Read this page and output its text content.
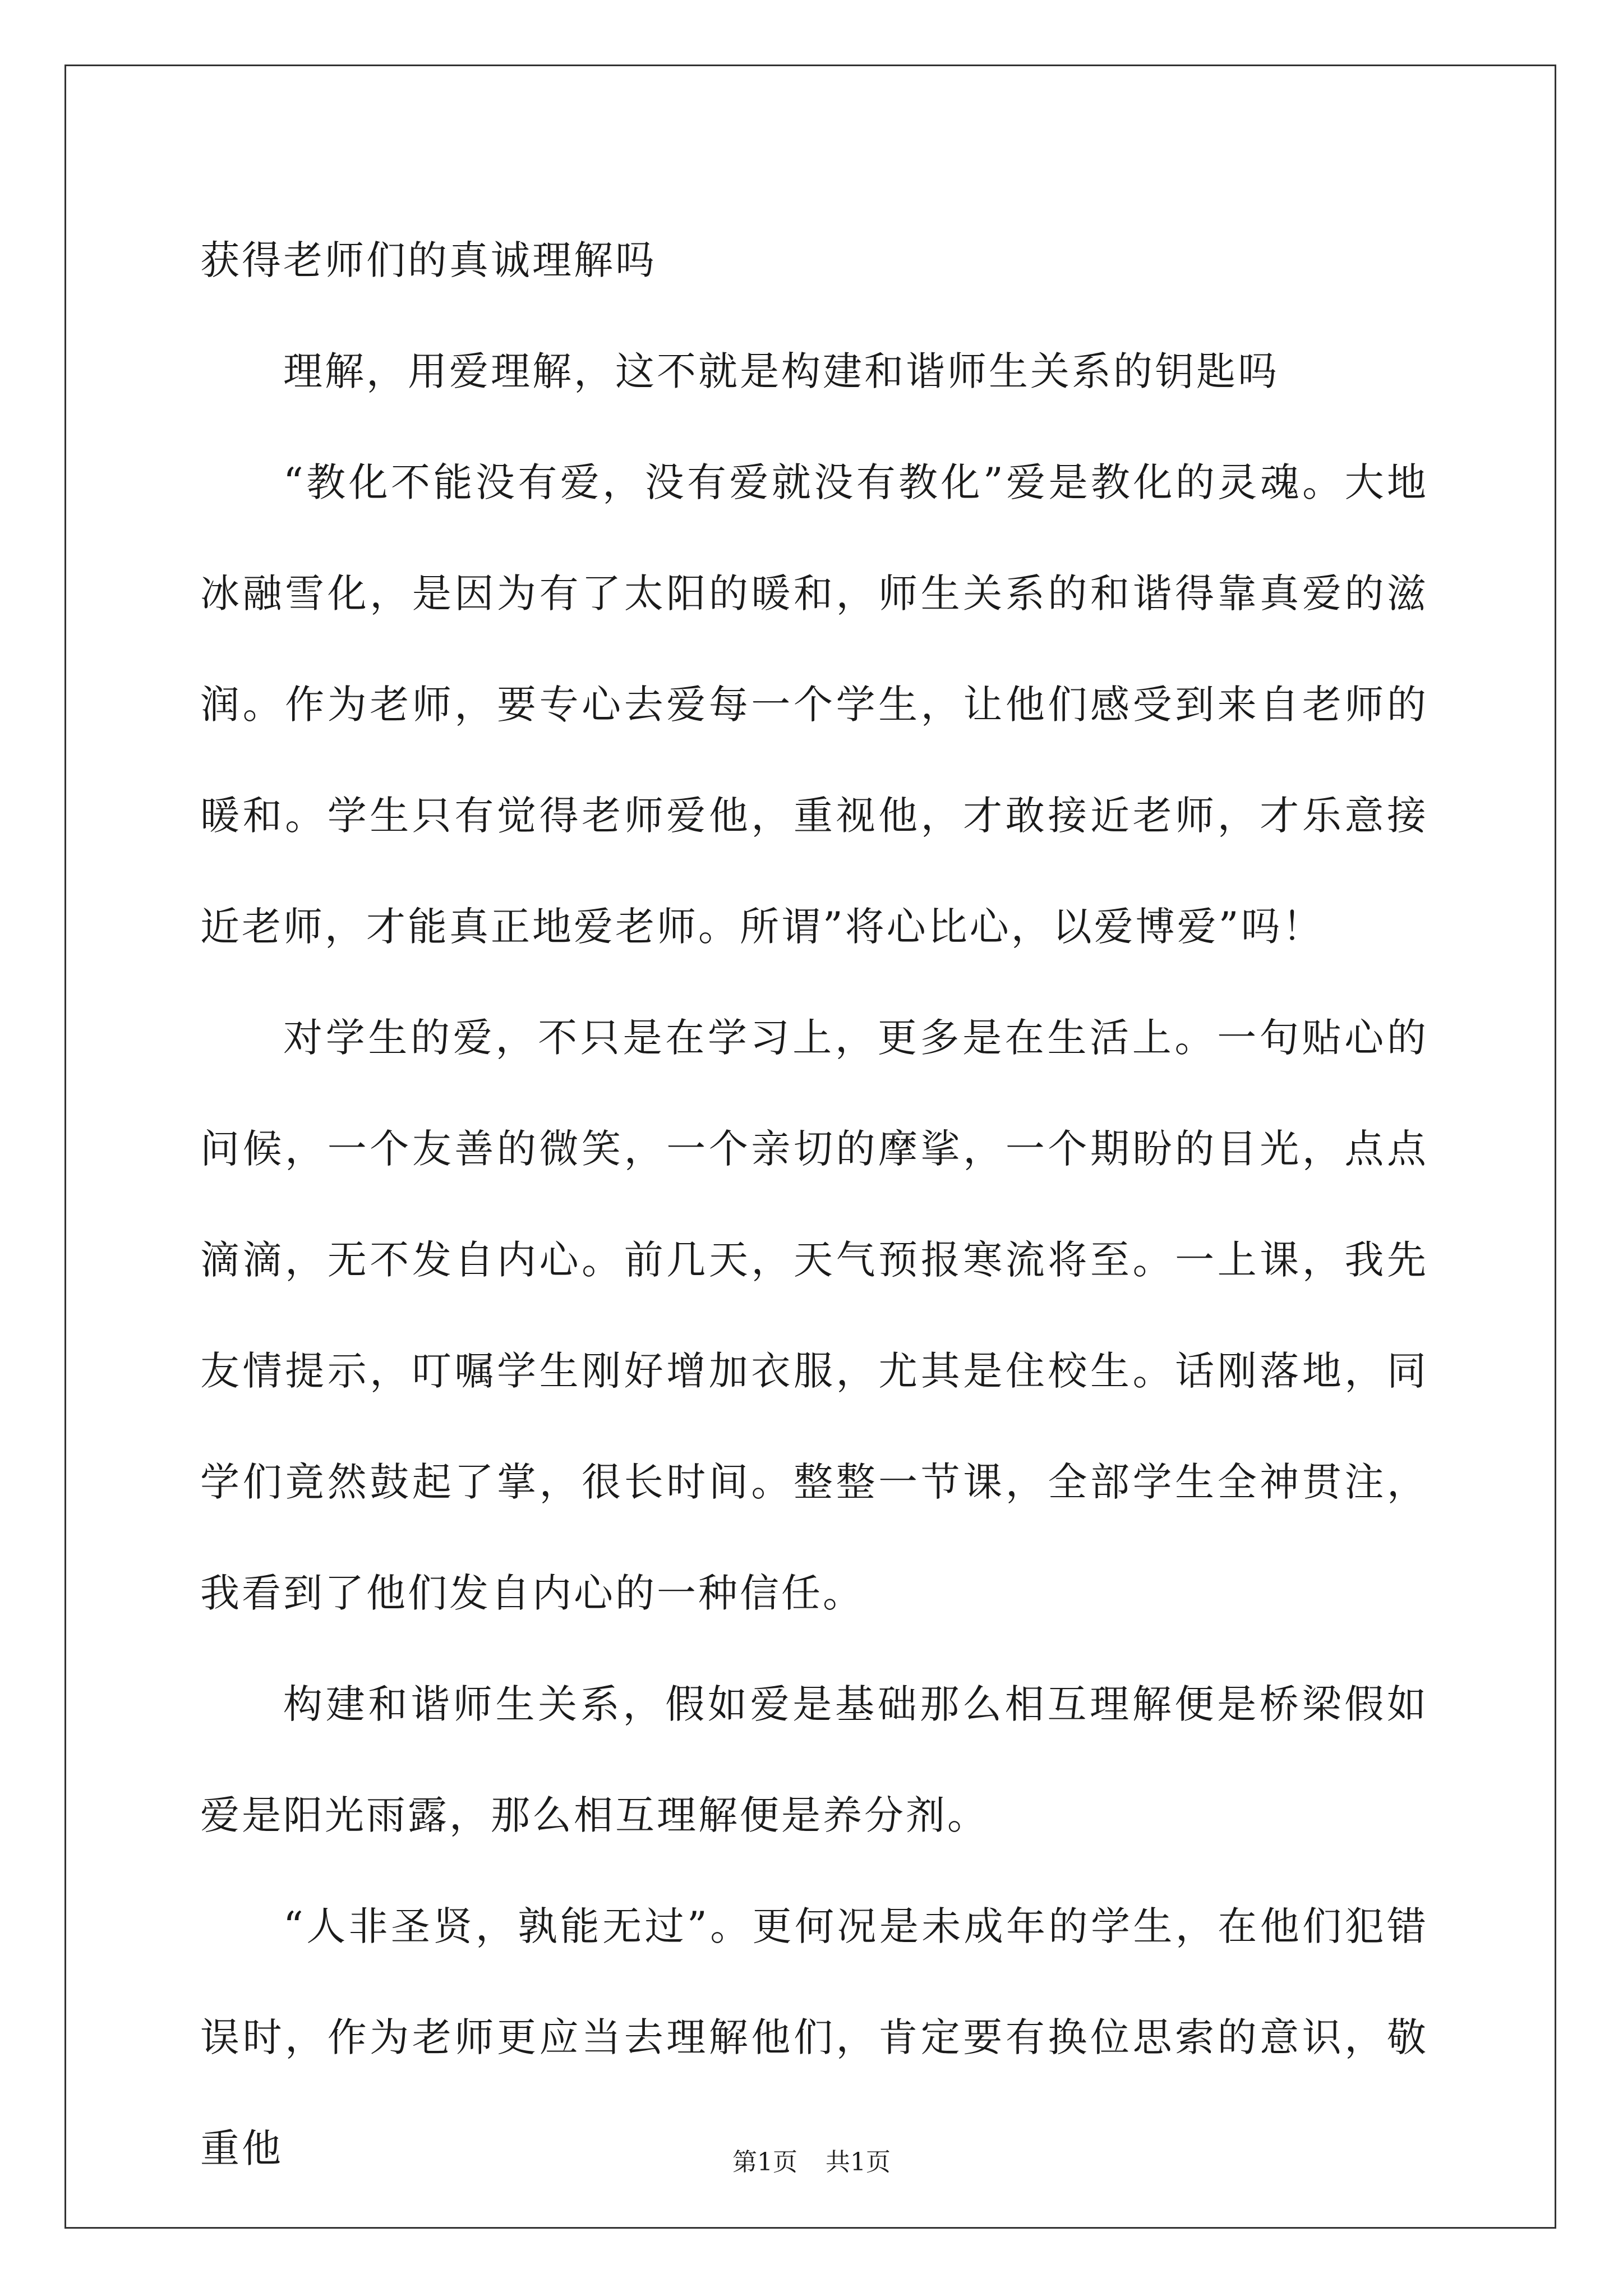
获得老师们的真诚理解吗

理解，用爱理解，这不就是构建和谐师生关系的钥匙吗

“教化不能没有爱，没有爱就没有教化”爱是教化的灵魂。大地冰融雪化，是因为有了太阳的暖和，师生关系的和谐得靠真爱的滋润。作为老师，要专心去爱每一个学生，让他们感受到来自老师的暖和。学生只有觉得老师爱他，重视他，才敢接近老师，才乐意接近老师，才能真正地爱老师。所谓”将心比心，以爱博爱”吗！

对学生的爱，不只是在学习上，更多是在生活上。一句贴心的问候，一个友善的微笑，一个亲切的摩挲，一个期盼的目光，点点滴滴，无不发自内心。前几天，天气预报寒流将至。一上课，我先友情提示，叮嘱学生刚好增加衣服，尤其是住校生。话刚落地，同学们竟然鼓起了掌，很长时间。整整一节课，全部学生全神贯注，我看到了他们发自内心的一种信任。

构建和谐师生关系，假如爱是基础那么相互理解便是桥梁假如爱是阳光雨露，那么相互理解便是养分剂。

“人非圣贤，孰能无过”。更何况是未成年的学生，在他们犯错误时，作为老师更应当去理解他们，肯定要有换位思索的意识，敬重他	第1页 共1页
